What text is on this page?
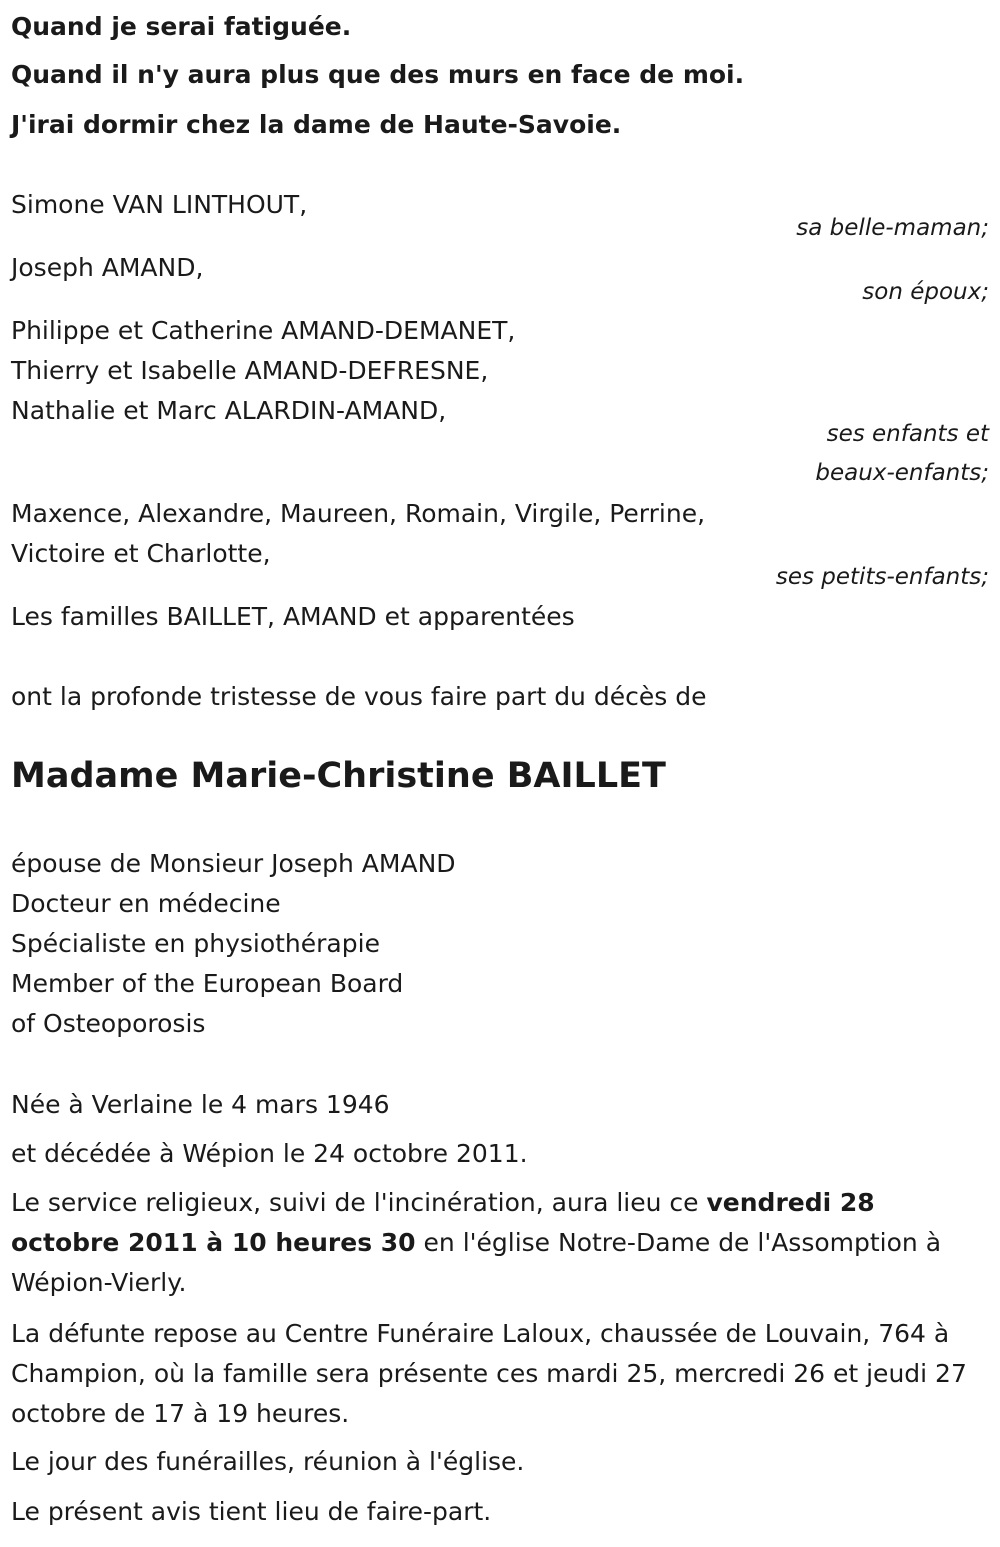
Quand je serai fatiguée.
Quand il n'y aura plus que des murs en face de moi.
J'irai dormir chez la dame de Haute-Savoie.
Simone VAN LINTHOUT,
sa belle-maman;
Joseph AMAND,
son époux;
Philippe et Catherine AMAND-DEMANET,
Thierry et Isabelle AMAND-DEFRESNE,
Nathalie et Marc ALARDIN-AMAND,
ses enfants et
beaux-enfants;
Maxence, Alexandre, Maureen, Romain, Virgile, Perrine,
Victoire et Charlotte,
ses petits-enfants;
Les familles BAILLET, AMAND et apparentées
ont la profonde tristesse de vous faire part du décès de
Madame Marie-Christine BAILLET
épouse de Monsieur Joseph AMAND
Docteur en médecine
Spécialiste en physiothérapie
Member of the European Board
of Osteoporosis
Née à Verlaine le 4 mars 1946
et décédée à Wépion le 24 octobre 2011.
Le service religieux, suivi de l'incinération, aura lieu ce vendredi 28 octobre 2011 à 10 heures 30 en l'église Notre-Dame de l'Assomption à Wépion-Vierly.
La défunte repose au Centre Funéraire Laloux, chaussée de Louvain, 764 à Champion, où la famille sera présente ces mardi 25, mercredi 26 et jeudi 27 octobre de 17 à 19 heures.
Le jour des funérailles, réunion à l'église.
Le présent avis tient lieu de faire-part.
